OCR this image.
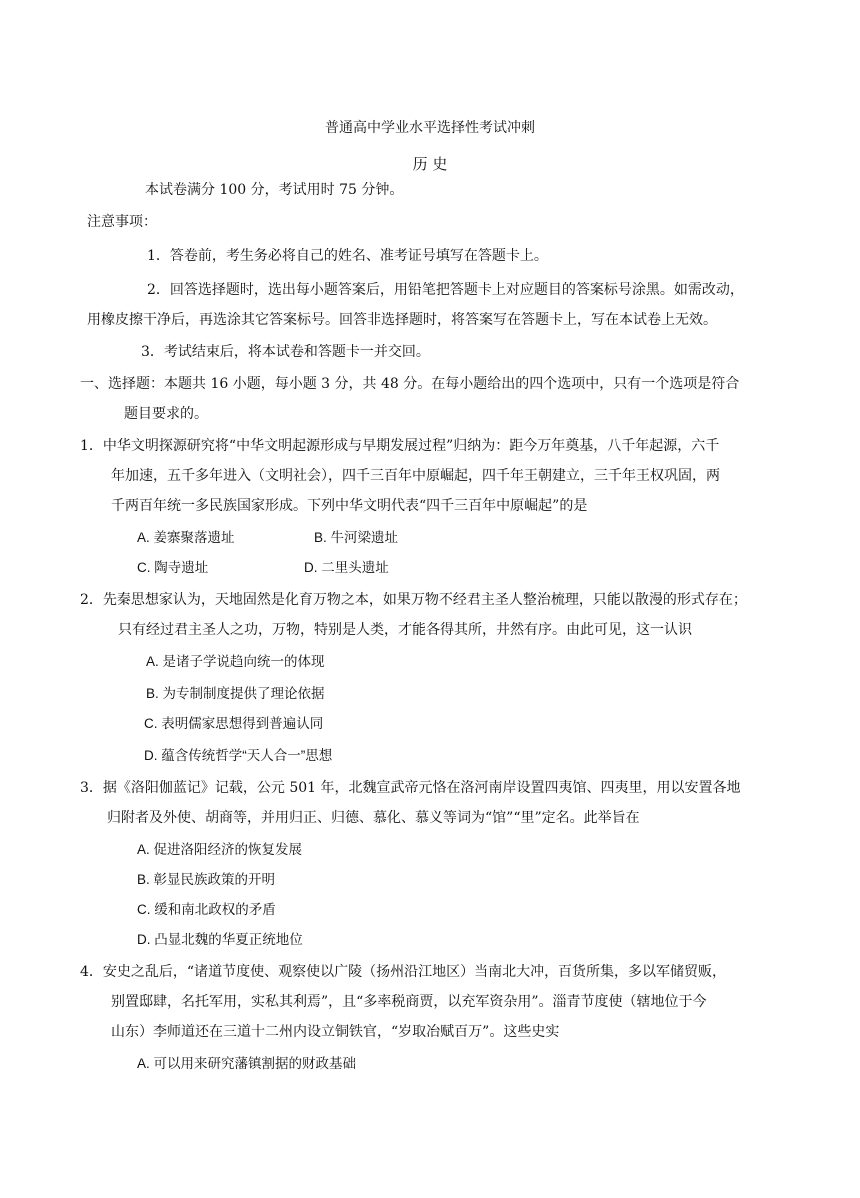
普通高中学业水平选择性考试冲刺
历 史
本试卷满分 100 分，考试用时 75 分钟。
注意事项：
1．答卷前，考生务必将自己的姓名、准考证号填写在答题卡上。
2．回答选择题时，选出每小题答案后，用铅笔把答题卡上对应题目的答案标号涂黑。如需改动，
用橡皮擦干净后，再选涂其它答案标号。回答非选择题时，将答案写在答题卡上，写在本试卷上无效。
3．考试结束后，将本试卷和答题卡一并交回。
一、选择题：本题共 16 小题，每小题 3 分，共 48 分。在每小题给出的四个选项中，只有一个选项是符合
题目要求的。
1．中华文明探源研究将“中华文明起源形成与早期发展过程”归纳为：距今万年奠基，八千年起源，六千
年加速，五千多年进入（文明社会），四千三百年中原崛起，四千年王朝建立，三千年王权巩固，两
千两百年统一多民族国家形成。下列中华文明代表“四千三百年中原崛起”的是
A. 姜寨聚落遗址	B. 牛河梁遗址
C. 陶寺遗址	D. 二里头遗址
2．先秦思想家认为，天地固然是化育万物之本，如果万物不经君主圣人整治梳理，只能以散漫的形式存在；
只有经过君主圣人之功，万物，特别是人类，才能各得其所，井然有序。由此可见，这一认识
A. 是诸子学说趋向统一的体现
B. 为专制制度提供了理论依据
C. 表明儒家思想得到普遍认同
D. 蕴含传统哲学“天人合一”思想
3．据《洛阳伽蓝记》记载，公元 501 年，北魏宣武帝元恪在洛河南岸设置四夷馆、四夷里，用以安置各地
归附者及外使、胡商等，并用归正、归德、慕化、慕义等词为“馆”“里”定名。此举旨在
A. 促进洛阳经济的恢复发展
B. 彰显民族政策的开明
C. 缓和南北政权的矛盾
D. 凸显北魏的华夏正统地位
4．安史之乱后，“诸道节度使、观察使以广陵（扬州沿江地区）当南北大冲，百货所集，多以军储贸贩，
别置邸肆，名托军用，实私其利焉”，且“多率税商贾，以充军资杂用”。淄青节度使（辖地位于今
山东）李师道还在三道十二州内设立铜铁官，“岁取冶赋百万”。这些史实
A. 可以用来研究藩镇割据的财政基础
